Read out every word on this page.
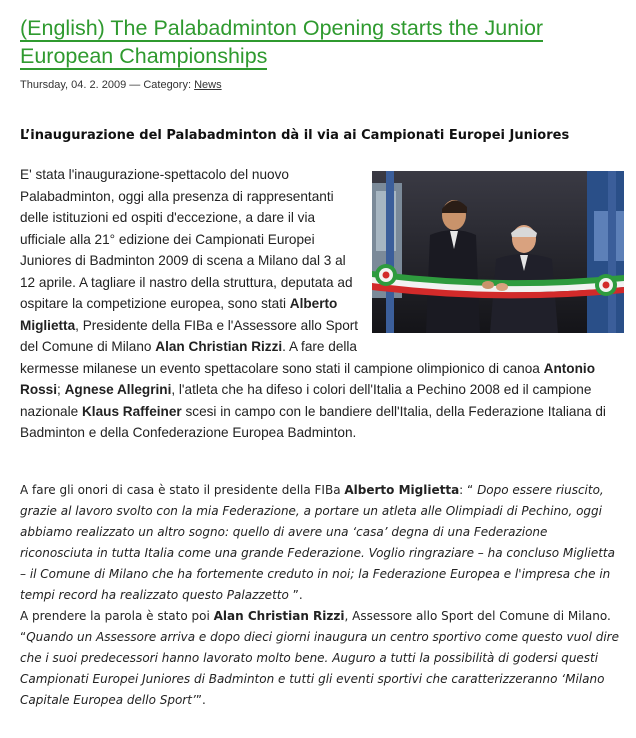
(English) The Palabadminton Opening starts the Junior European Championships
Thursday, 04. 2. 2009 — Category: News
L’inaugurazione del Palabadminton dà il via ai Campionati Europei Juniores
E' stata l'inaugurazione-spettacolo del nuovo Palabadminton, oggi alla presenza di rappresentanti delle istituzioni ed ospiti d'eccezione, a dare il via ufficiale alla 21° edizione dei Campionati Europei Juniores di Badminton 2009 di scena a Milano dal 3 al 12 aprile. A tagliare il nastro della struttura, deputata ad ospitare la competizione europea, sono stati Alberto Miglietta, Presidente della FIBa e l'Assessore allo Sport del Comune di Milano Alan Christian Rizzi. A fare della kermesse milanese un evento spettacolare sono stati il campione olimpionico di canoa Antonio Rossi; Agnese Allegrini, l'atleta che ha difeso i colori dell'Italia a Pechino 2008 ed il campione nazionale Klaus Raffeiner scesi in campo con le bandiere dell'Italia, della Federazione Italiana di Badminton e della Confederazione Europea Badminton.

A fare gli onori di casa è stato il presidente della FIBa Alberto Miglietta: “ Dopo essere riuscito, grazie al lavoro svolto con la mia Federazione, a portare un atleta alle Olimpiadi di Pechino, oggi abbiamo realizzato un altro sogno: quello di avere una ‘casa’ degna di una Federazione riconosciuta in tutta Italia come una grande Federazione. Voglio ringraziare – ha concluso Miglietta – il Comune di Milano che ha fortemente creduto in noi; la Federazione Europea e l'impresa che in tempi record ha realizzato questo Palazzetto ”.

A prendere la parola è stato poi Alan Christian Rizzi, Assessore allo Sport del Comune di Milano. “Quando un Assessore arriva e dopo dieci giorni inaugura un centro sportivo come questo vuol dire che i suoi predecessori hanno lavorato molto bene. Auguro a tutti la possibilità di godersi questi Campionati Europei Juniores di Badminton e tutti gli eventi sportivi che caratterizzeranno ‘Milano Capitale Europea dello Sport’”.
